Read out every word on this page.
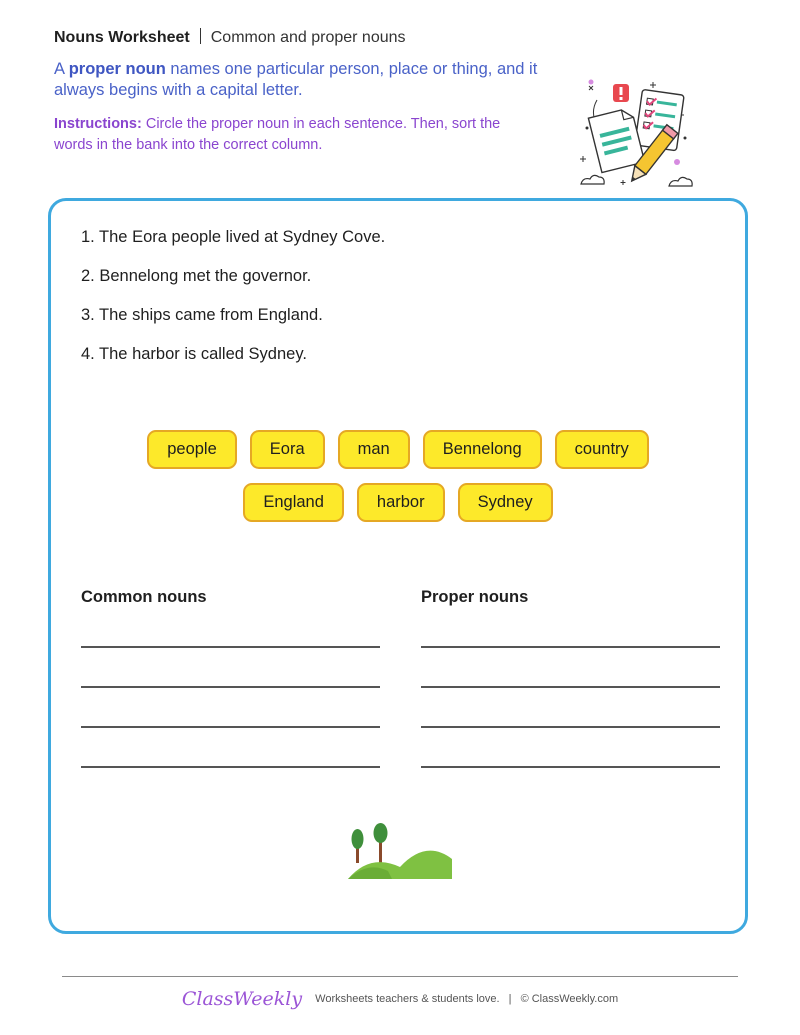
Nouns Worksheet Common and proper nouns
A proper noun names one particular person, place or thing, and it always begins with a capital letter.
Instructions: Circle the proper noun in each sentence. Then, sort the words in the bank into the correct column.
1. The Eora people lived at Sydney Cove.
2. Bennelong met the governor.
3. The ships came from England.
4. The harbor is called Sydney.
people	Eora	man	Bennelong	country
England	harbor	Sydney
Common nouns	Proper nouns
ClassWeekly Worksheets teachers & students love. | © ClassWeekly.com
